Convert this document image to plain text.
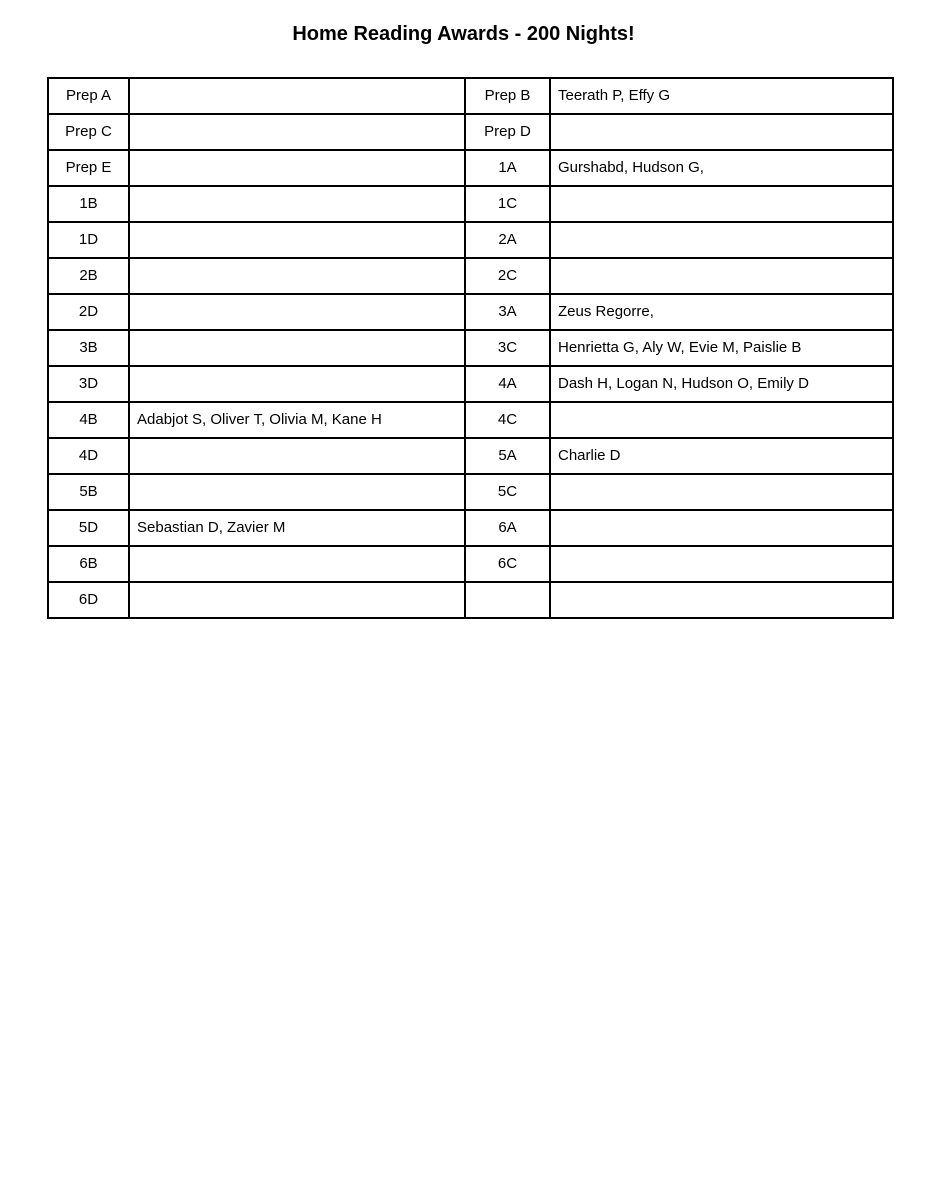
Home Reading Awards - 200 Nights!
Prep A		Prep B	Teerath P, Effy G
Prep C		Prep D	
Prep E		1A	Gurshabd, Hudson G,
1B		1C	
1D		2A	
2B		2C	
2D		3A	Zeus Regorre,
3B		3C	Henrietta G, Aly W, Evie M, Paislie B
3D		4A	Dash H, Logan N, Hudson O, Emily D
4B	Adabjot S, Oliver T, Olivia M, Kane H	4C	
4D		5A	Charlie D
5B		5C	
5D	Sebastian D, Zavier M	6A	
6B		6C	
6D			
